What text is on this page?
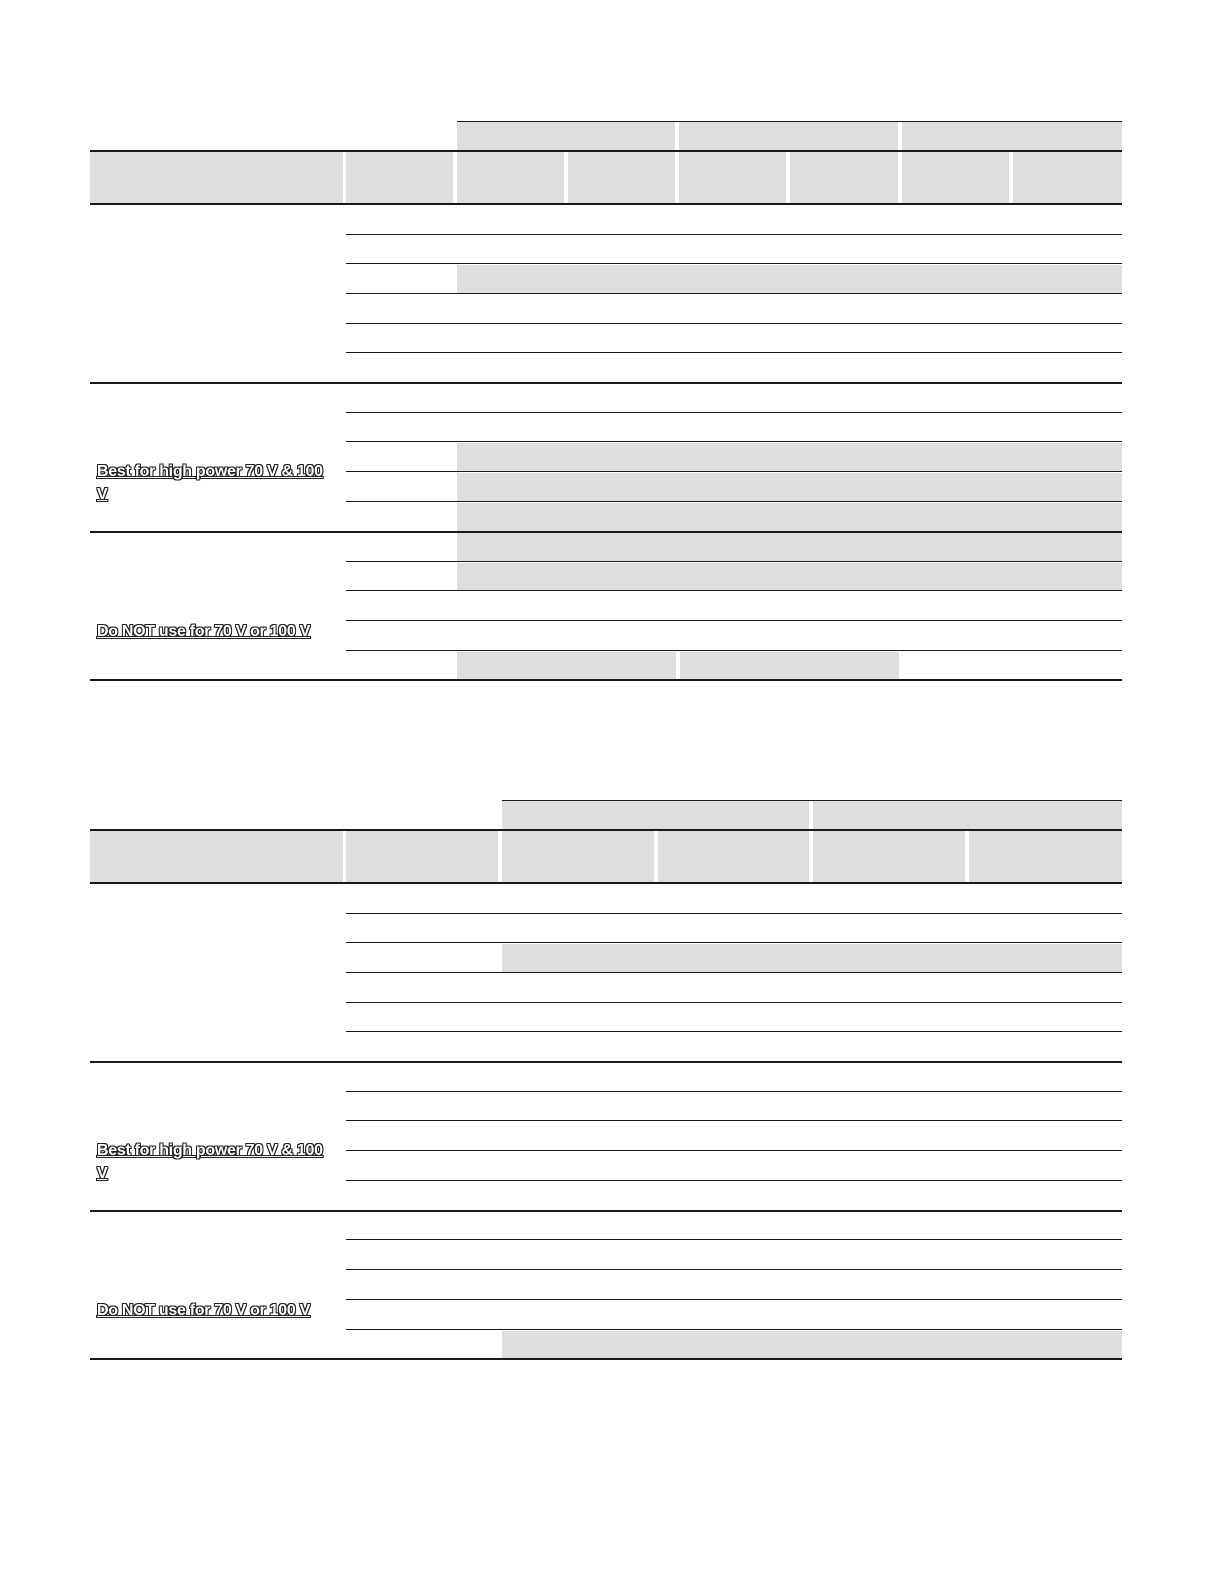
Best for high power 70 V & 100 V
Do NOT use for 70 V or 100 V
Best for high power 70 V & 100 V
Do NOT use for 70 V or 100 V
